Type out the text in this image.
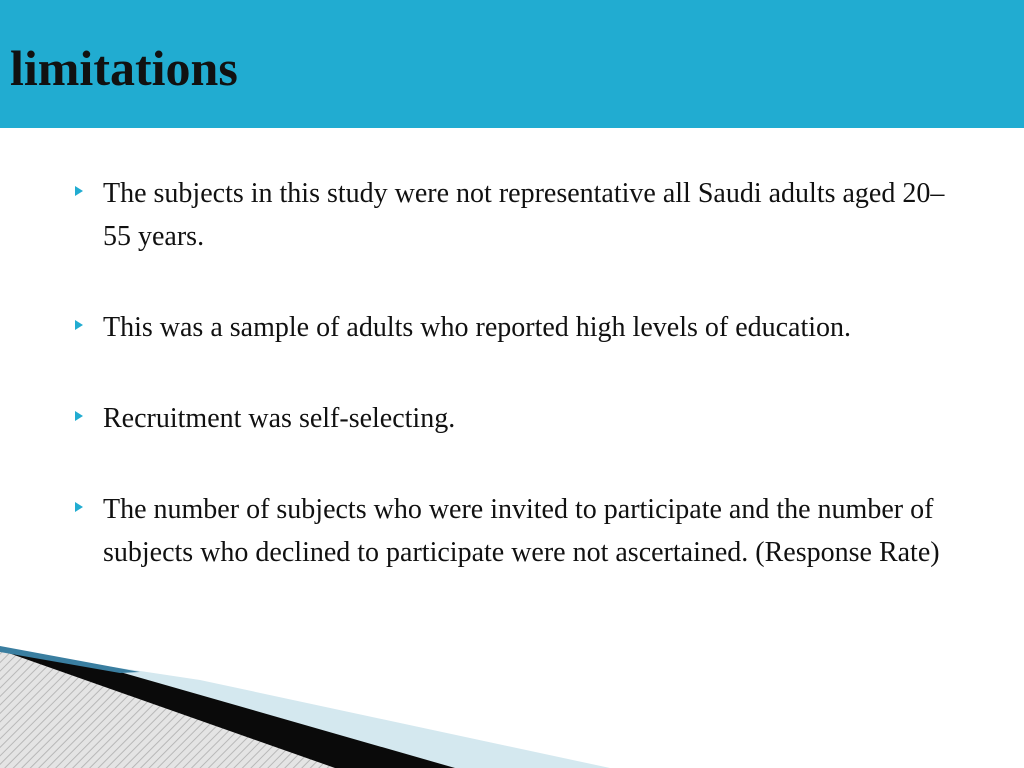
limitations
The subjects in this study were not representative all Saudi adults aged 20–55 years.
This was a sample of adults who reported high levels of education.
Recruitment was self-selecting.
The number of subjects who were invited to participate and the number of subjects who declined to participate were not ascertained. (Response Rate)
